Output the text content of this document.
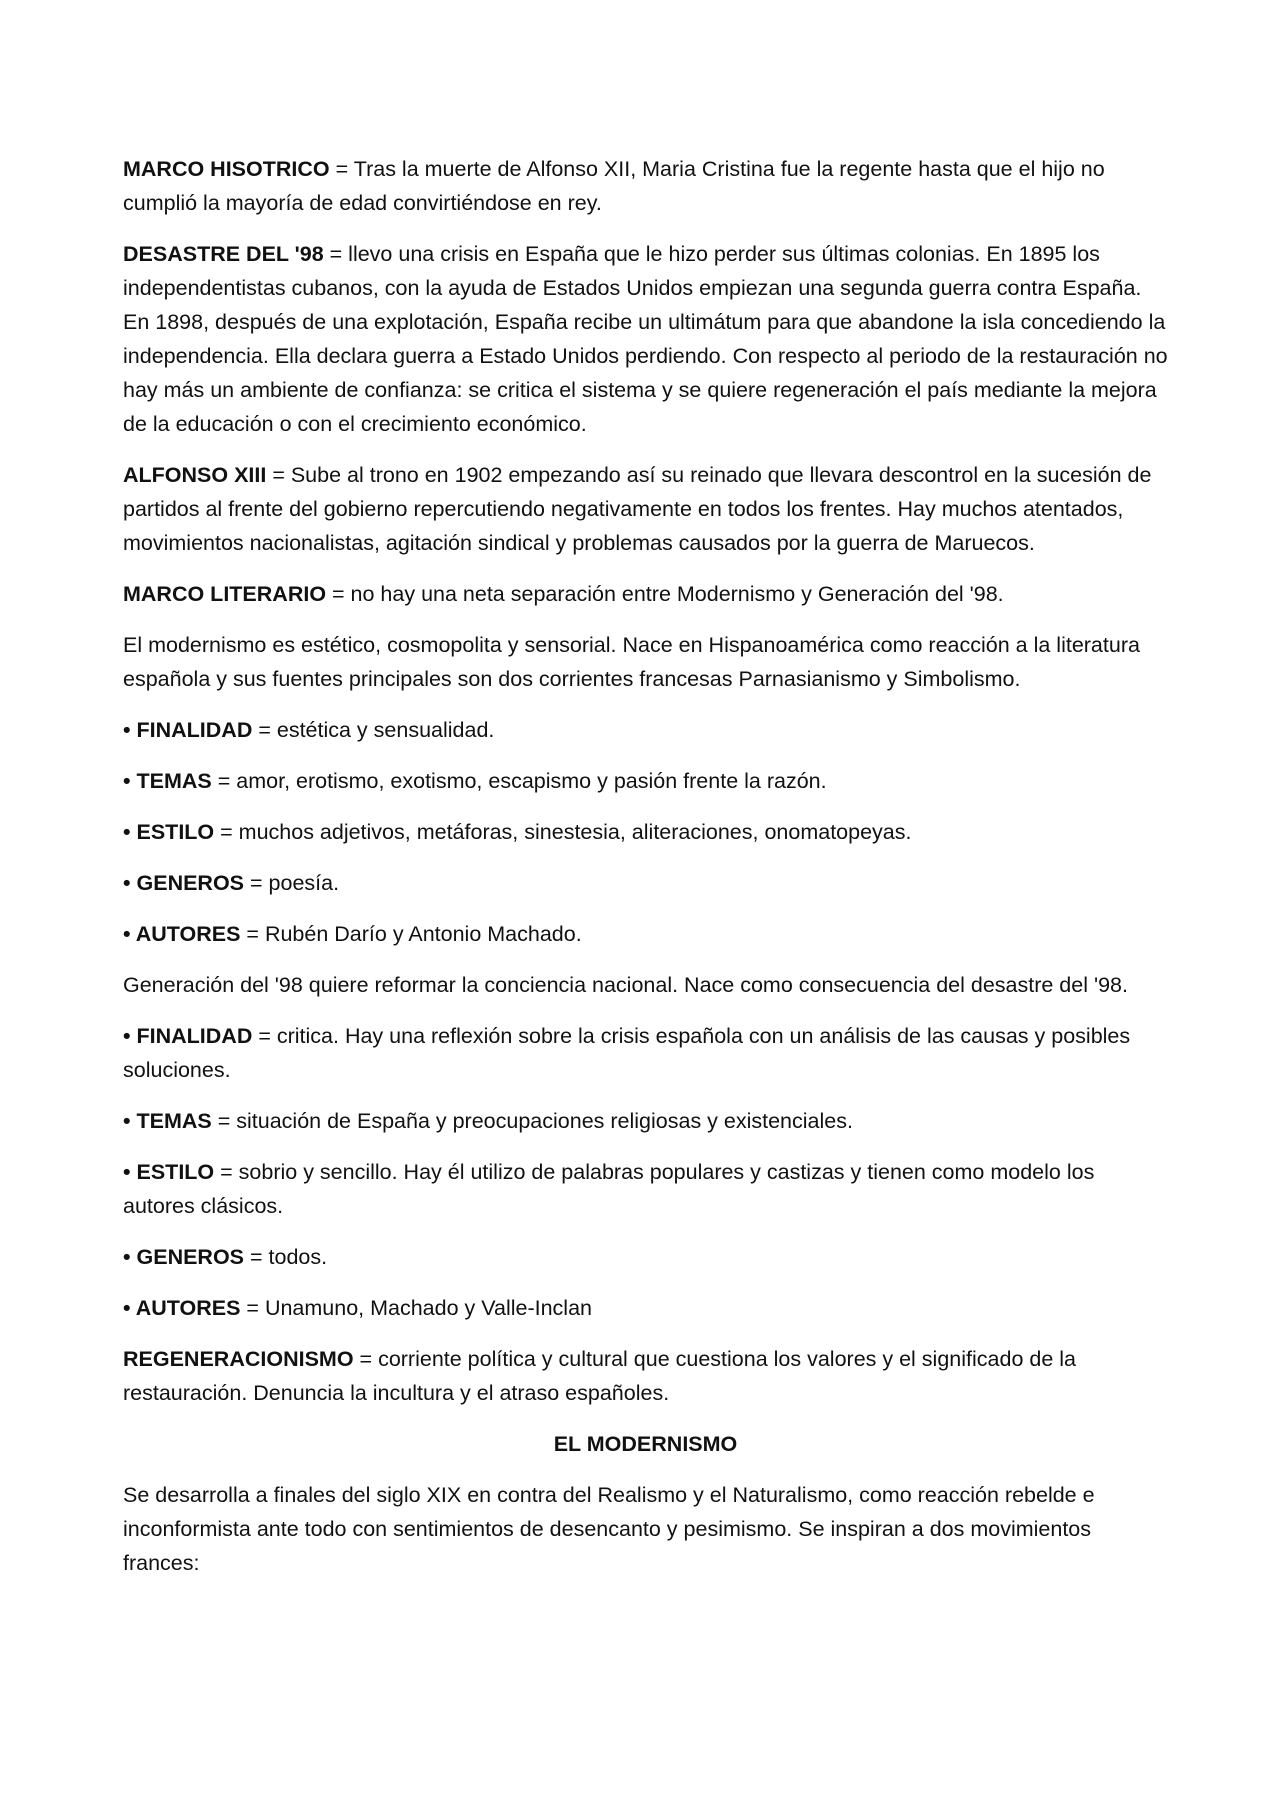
MARCO HISOTRICO = Tras la muerte de Alfonso XII, Maria Cristina fue la regente hasta que el hijo no cumplió la mayoría de edad convirtiéndose en rey.

DESASTRE DEL '98 = llevo una crisis en España que le hizo perder sus últimas colonias. En 1895 los independentistas cubanos, con la ayuda de Estados Unidos empiezan una segunda guerra contra España. En 1898, después de una explotación, España recibe un ultimátum para que abandone la isla concediendo la independencia. Ella declara guerra a Estado Unidos perdiendo. Con respecto al periodo de la restauración no hay más un ambiente de confianza: se critica el sistema y se quiere regeneración el país mediante la mejora de la educación o con el crecimiento económico.

ALFONSO XIII = Sube al trono en 1902 empezando así su reinado que llevara descontrol en la sucesión de partidos al frente del gobierno repercutiendo negativamente en todos los frentes. Hay muchos atentados, movimientos nacionalistas, agitación sindical y problemas causados por la guerra de Maruecos.

MARCO LITERARIO = no hay una neta separación entre Modernismo y Generación del '98.

El modernismo es estético, cosmopolita y sensorial. Nace en Hispanoamérica como reacción a la literatura española y sus fuentes principales son dos corrientes francesas Parnasianismo y Simbolismo.

• FINALIDAD = estética y sensualidad.

• TEMAS = amor, erotismo, exotismo, escapismo y pasión frente la razón.

• ESTILO = muchos adjetivos, metáforas, sinestesia, aliteraciones, onomatopeyas.

• GENEROS = poesía.

• AUTORES = Rubén Darío y Antonio Machado.

Generación del '98 quiere reformar la conciencia nacional. Nace como consecuencia del desastre del '98.

• FINALIDAD = critica. Hay una reflexión sobre la crisis española con un análisis de las causas y posibles soluciones.

• TEMAS = situación de España y preocupaciones religiosas y existenciales.

• ESTILO = sobrio y sencillo. Hay él utilizo de palabras populares y castizas y tienen como modelo los autores clásicos.

• GENEROS = todos.

• AUTORES = Unamuno, Machado y Valle-Inclan

REGENERACIONISMO = corriente política y cultural que cuestiona los valores y el significado de la restauración. Denuncia la incultura y el atraso españoles.

EL MODERNISMO

Se desarrolla a finales del siglo XIX en contra del Realismo y el Naturalismo, como reacción rebelde e inconformista ante todo con sentimientos de desencanto y pesimismo. Se inspiran a dos movimientos frances:
